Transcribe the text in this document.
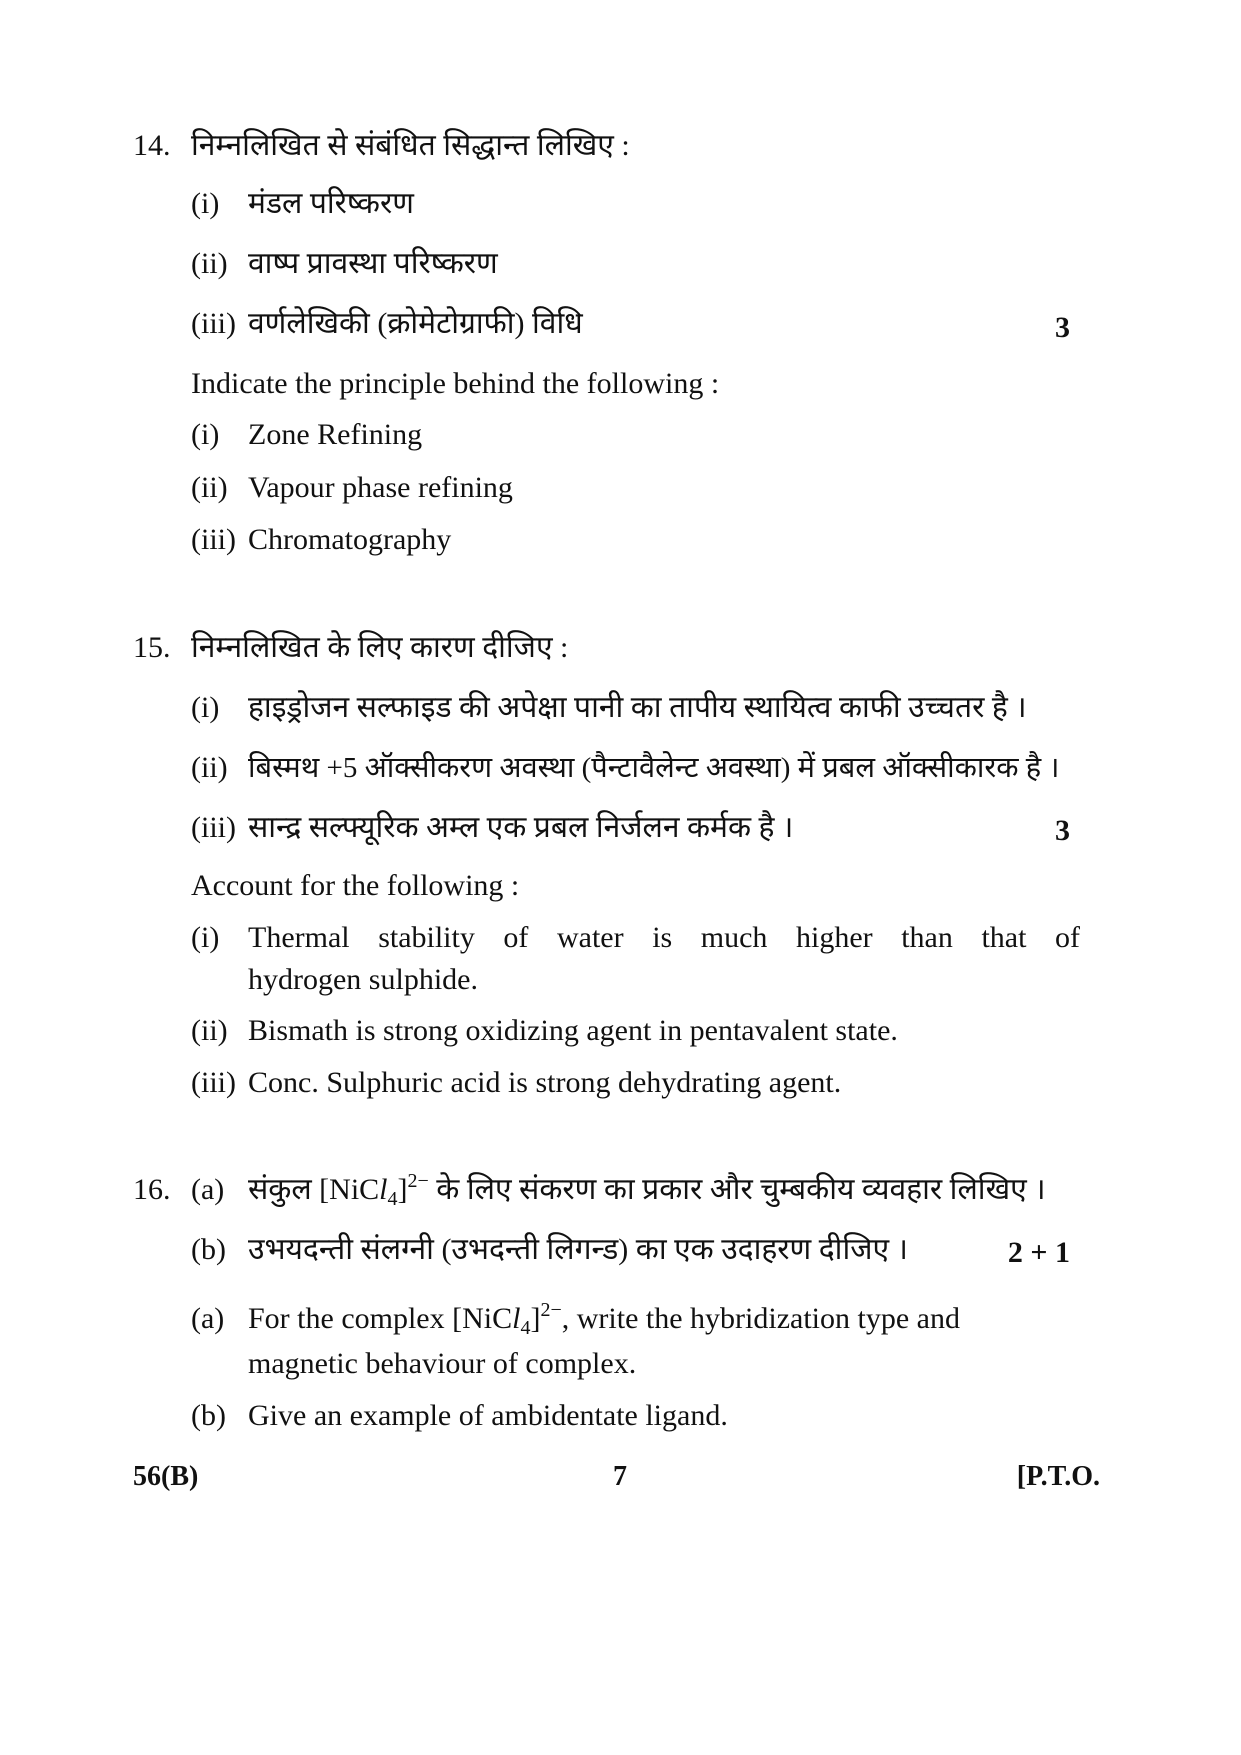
14. निम्नलिखित से संबंधित सिद्धान्त लिखिए :
(i) मंडल परिष्करण
(ii) वाष्प प्रावस्था परिष्करण
(iii) वर्णलेखिकी (क्रोमेटोग्राफी) विधि	3
Indicate the principle behind the following :
(i) Zone Refining
(ii) Vapour phase refining
(iii) Chromatography
15. निम्नलिखित के लिए कारण दीजिए :
(i) हाइड्रोजन सल्फाइड की अपेक्षा पानी का तापीय स्थायित्व काफी उच्चतर है ।
(ii) बिस्मथ +5 ऑक्सीकरण अवस्था (पैन्टावैलेन्ट अवस्था) में प्रबल ऑक्सीकारक है ।
(iii) सान्द्र सल्फ्यूरिक अम्ल एक प्रबल निर्जलन कर्मक है ।	3
Account for the following :
(i) Thermal stability of water is much higher than that of
hydrogen sulphide.
(ii) Bismath is strong oxidizing agent in pentavalent state.
(iii) Conc. Sulphuric acid is strong dehydrating agent.
16. (a) संकुल [NiCl$_4$]$^{2-}$ के लिए संकरण का प्रकार और चुम्बकीय व्यवहार लिखिए ।
(b) उभयदन्ती संलग्नी (उभदन्ती लिगन्ड) का एक उदाहरण दीजिए ।	2 + 1
(a) For the complex [NiCl$_4$]$^{2-}$, write the hybridization type and
magnetic behaviour of complex.
(b) Give an example of ambidentate ligand.
56(B)	7	[P.T.O.
